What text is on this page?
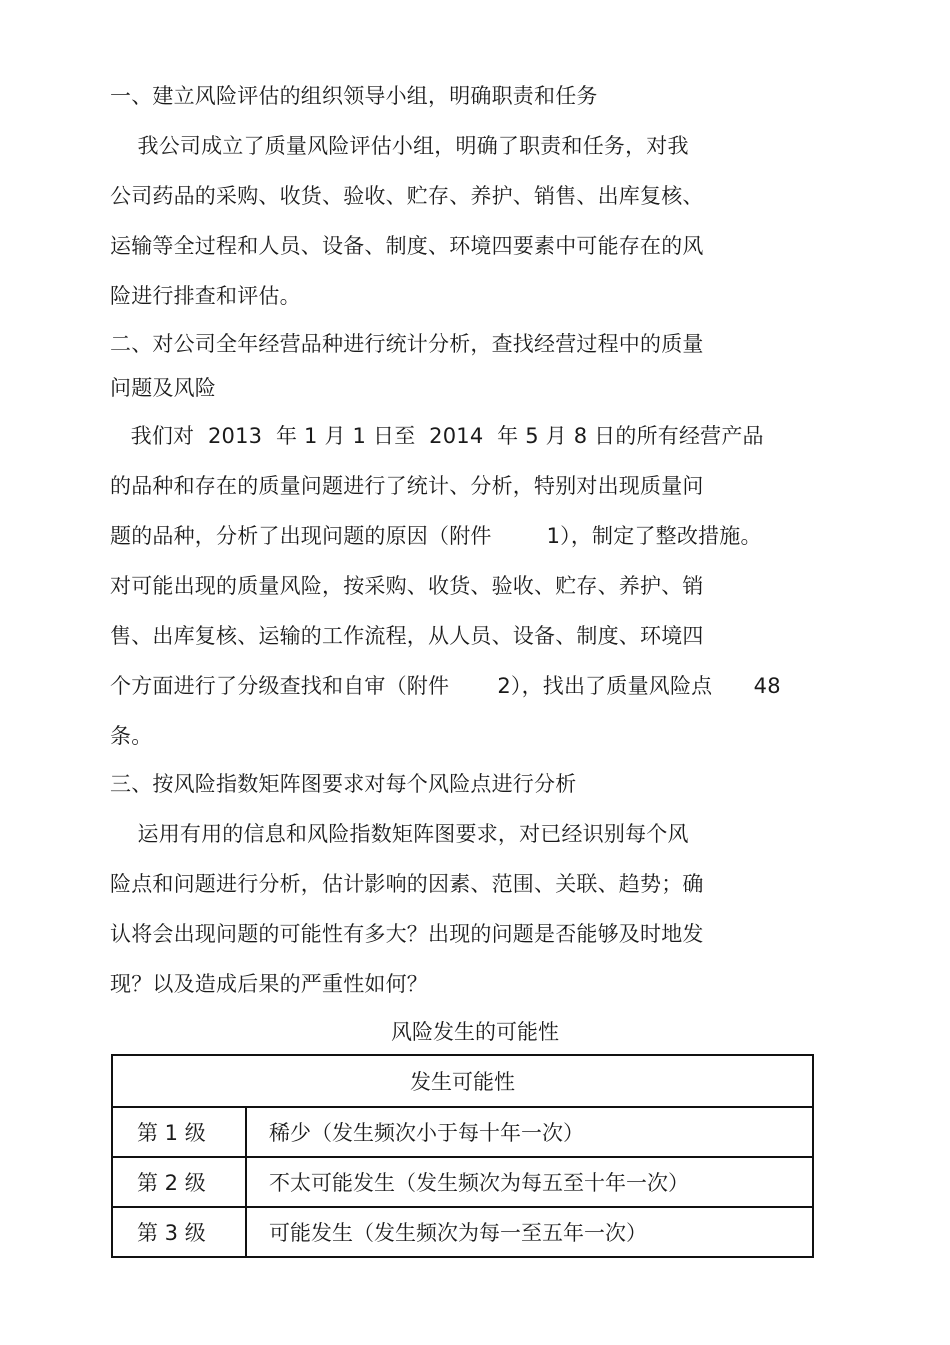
一、建立风险评估的组织领导小组，明确职责和任务
我公司成立了质量风险评估小组，明确了职责和任务，对我
公司药品的采购、收货、验收、贮存、养护、销售、出库复核、
运输等全过程和人员、设备、制度、环境四要素中可能存在的风
险进行排查和评估。
二、对公司全年经营品种进行统计分析，查找经营过程中的质量
问题及风险
我们对  2013  年 1 月 1 日至  2014  年 5 月 8 日的所有经营产品
的品种和存在的质量问题进行了统计、分析，特别对出现质量问
题的品种，分析了出现问题的原因（附件        1），制定了整改措施。
对可能出现的质量风险，按采购、收货、验收、贮存、养护、销
售、出库复核、运输的工作流程，从人员、设备、制度、环境四
个方面进行了分级查找和自审（附件       2），找出了质量风险点      48
条。
三、按风险指数矩阵图要求对每个风险点进行分析
运用有用的信息和风险指数矩阵图要求，对已经识别每个风
险点和问题进行分析，估计影响的因素、范围、关联、趋势；确
认将会出现问题的可能性有多大？出现的问题是否能够及时地发
现？以及造成后果的严重性如何？
风险发生的可能性
发生可能性	
第 1 级	稀少（发生频次小于每十年一次）
第 2 级	不太可能发生（发生频次为每五至十年一次）
第 3 级	可能发生（发生频次为每一至五年一次）
